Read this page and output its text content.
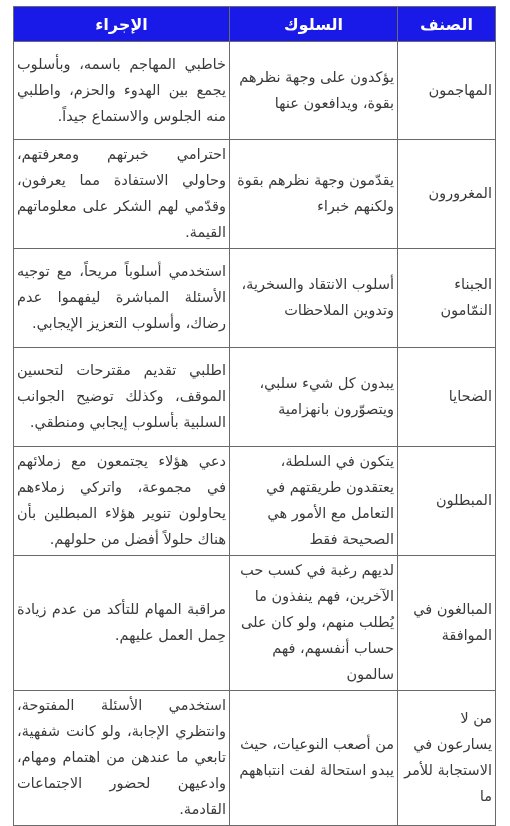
الصنف	السلوك	الإجراء
المهاجمون	يؤكدون على وجهة نظرهم بقوة، ويدافعون عنها	خاطبي المهاجم باسمه، وبأسلوب يجمع بين الهدوء والحزم، واطلبي منه الجلوس والاستماع جيداً.
المغرورون	يقدّمون وجهة نظرهم بقوة ولكنهم خبراء	احترامي خبرتهم ومعرفتهم، وحاولي الاستفادة مما يعرفون، وقدّمي لهم الشكر على معلوماتهم القيمة.
الجبناء النمّامون	أسلوب الانتقاد والسخرية، وتدوين الملاحظات	استخدمي أسلوباً مريحاً، مع توجيه الأسئلة المباشرة ليفهموا عدم رضاك، وأسلوب التعزيز الإيجابي.
الضحايا	يبدون كل شيء سلبي، ويتصوّرون بانهزامية	اطلبي تقديم مقترحات لتحسين الموقف، وكذلك توضيح الجوانب السلبية بأسلوب إيجابي ومنطقي.
المبطلون	يتكون في السلطة، يعتقدون طريقتهم في التعامل مع الأمور هي الصحيحة فقط	دعي هؤلاء يجتمعون مع زملائهم في مجموعة، واتركي زملاءهم يحاولون تنوير هؤلاء المبطلين بأن هناك حلولاً أفضل من حلولهم.
المبالغون في الموافقة	لديهم رغبة في كسب حب الآخرين، فهم ينفذون ما يُطلب منهم، ولو كان على حساب أنفسهم، فهم سالمون	مراقبة المهام للتأكد من عدم زيادة حِمل العمل عليهم.
من لا يسارعون في الاستجابة للأمر ما	من أصعب النوعيات، حيث يبدو استحالة لفت انتباههم	استخدمي الأسئلة المفتوحة، وانتظري الإجابة، ولو كانت شفهية، تابعي ما عندهن من اهتمام ومهام، وادعيهن لحضور الاجتماعات القادمة.
